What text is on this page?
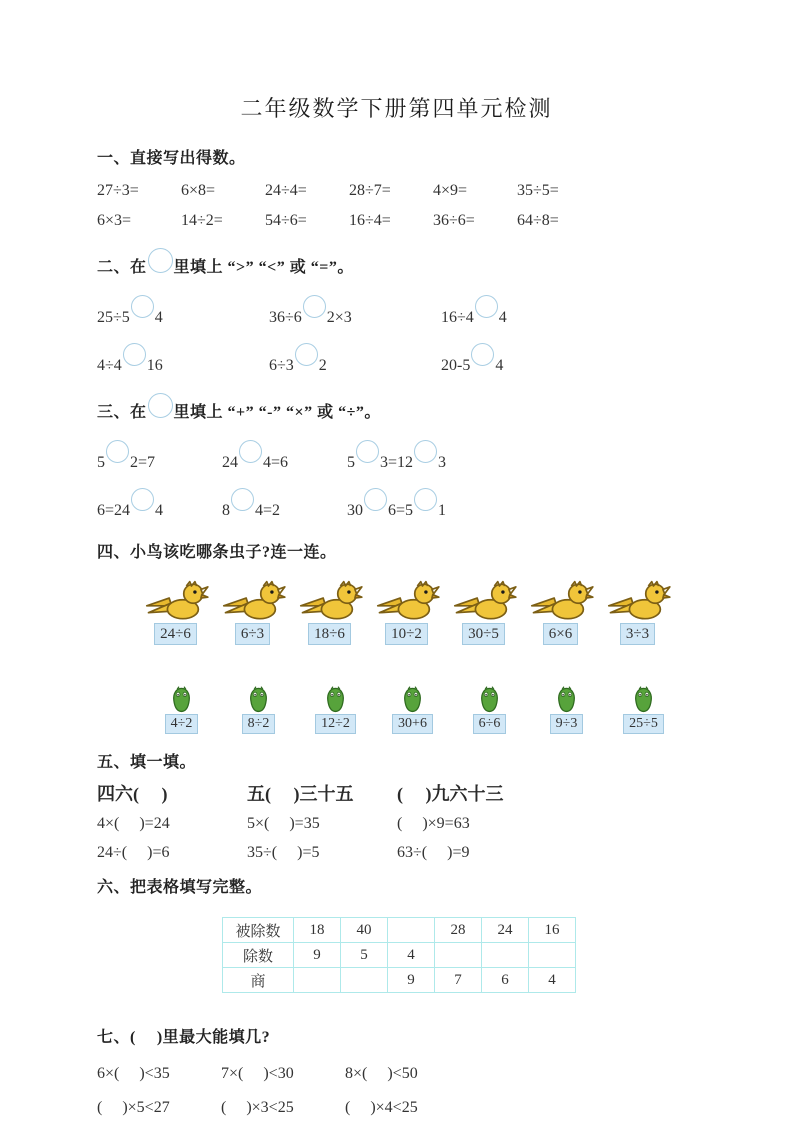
二年级数学下册第四单元检测
一、直接写出得数。
27÷3=	6×8=	24÷4=	28÷7=	4×9=	35÷5=
6×3=	14÷2=	54÷6=	16÷4=	36÷6=	64÷8=
二、在 里填上 “>” “<” 或 “=”。
25÷5 4	36÷6 2×3	16÷4 4
4÷4 16	6÷3 2	20-5 4
三、在 里填上 “+” “-” “×” 或 “÷”。
5 2=7	24 4=6	5 3=12 3
6=24 4	8 4=2	30 6=5 1
四、小鸟该吃哪条虫子?连一连。
24÷6	6÷3	18÷6	10÷2	30÷5	6×6	3÷3
4÷2	8÷2	12÷2	30+6	6÷6	9÷3	25÷5
五、填一填。
四六(　 )	五(　 )三十五	(　 )九六十三
4×(　 )=24	5×(　 )=35	(　 )×9=63
24÷(　 )=6	35÷(　 )=5	63÷(　 )=9
六、把表格填写完整。
被除数	18	40		28	24	16
除数	9	5	4			
商			9	7	6	4
七、(　 )里最大能填几?
6×(　 )<35	7×(　 )<30	8×(　 )<50
(　 )×5<27	(　 )×3<25	(　 )×4<25
